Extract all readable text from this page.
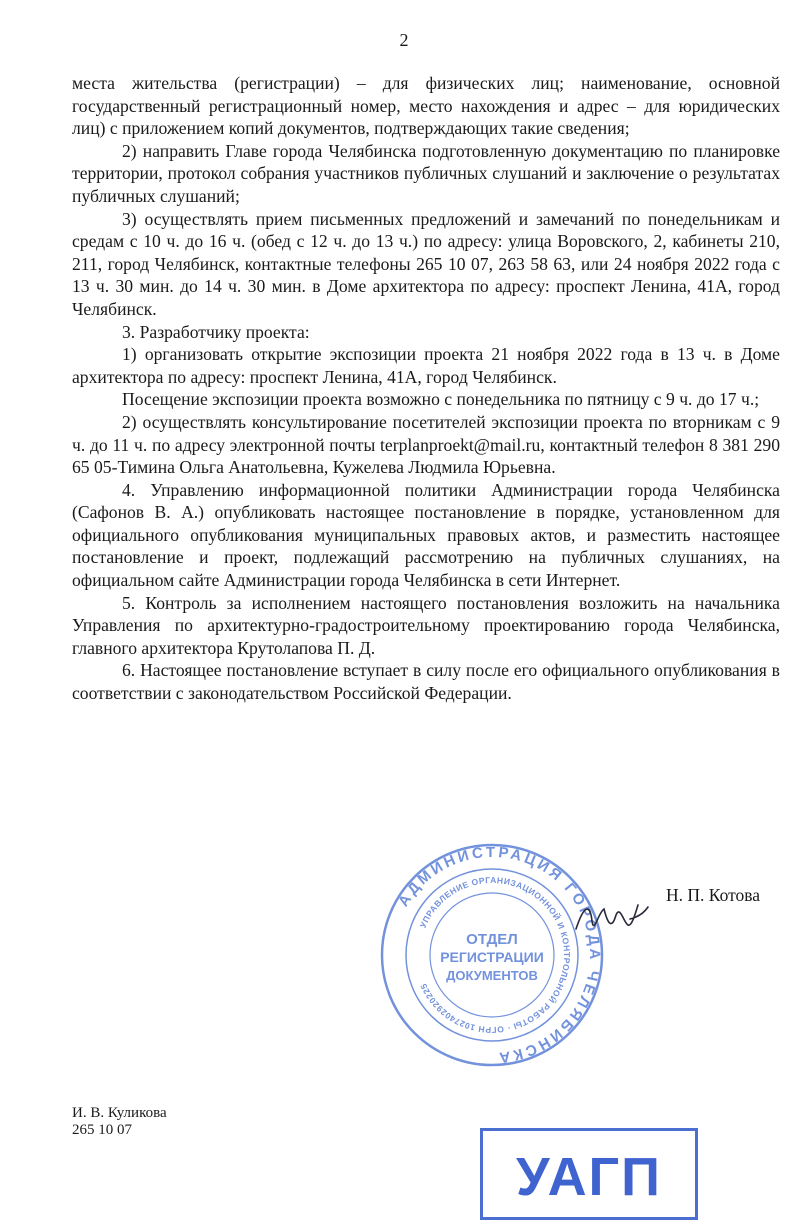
2

места жительства (регистрации) – для физических лиц; наименование, основной государственный регистрационный номер, место нахождения и адрес – для юридических лиц) с приложением копий документов, подтверждающих такие сведения;

2) направить Главе города Челябинска подготовленную документацию по планировке территории, протокол собрания участников публичных слушаний и заключение о результатах публичных слушаний;

3) осуществлять прием письменных предложений и замечаний по понедельникам и средам с 10 ч. до 16 ч. (обед с 12 ч. до 13 ч.) по адресу: улица Воровского, 2, кабинеты 210, 211, город Челябинск, контактные телефоны 265 10 07, 263 58 63, или 24 ноября 2022 года с 13 ч. 30 мин. до 14 ч. 30 мин. в Доме архитектора по адресу: проспект Ленина, 41А, город Челябинск.

3. Разработчику проекта:

1) организовать открытие экспозиции проекта 21 ноября 2022 года в 13 ч. в Доме архитектора по адресу: проспект Ленина, 41А, город Челябинск.

Посещение экспозиции проекта возможно с понедельника по пятницу с 9 ч. до 17 ч.;

2) осуществлять консультирование посетителей экспозиции проекта по вторникам с 9 ч. до 11 ч. по адресу электронной почты terplanproekt@mail.ru, контактный телефон 8 381 290 65 05-Тимина Ольга Анатольевна, Кужелева Людмила Юрьевна.

4. Управлению информационной политики Администрации города Челябинска (Сафонов В. А.) опубликовать настоящее постановление в порядке, установленном для официального опубликования муниципальных правовых актов, и разместить настоящее постановление и проект, подлежащий рассмотрению на публичных слушаниях, на официальном сайте Администрации города Челябинска в сети Интернет.

5. Контроль за исполнением настоящего постановления возложить на начальника Управления по архитектурно-градостроительному проектированию города Челябинска, главного архитектора Крутолапова П. Д.

6. Настоящее постановление вступает в силу после его официального опубликования в соответствии с законодательством Российской Федерации.

АДМИНИСТРАЦИЯ ГОРОДА ЧЕЛЯБИНСКА
УПРАВЛЕНИЕ ОРГАНИЗАЦИОННОЙ И КОНТРОЛЬНОЙ РАБОТЫ · ОГРН 1027402920225
ОТДЕЛ
РЕГИСТРАЦИИ
ДОКУМЕНТОВ
Н. П. Котова
И. В. Куликова
265 10 07
УАГП
